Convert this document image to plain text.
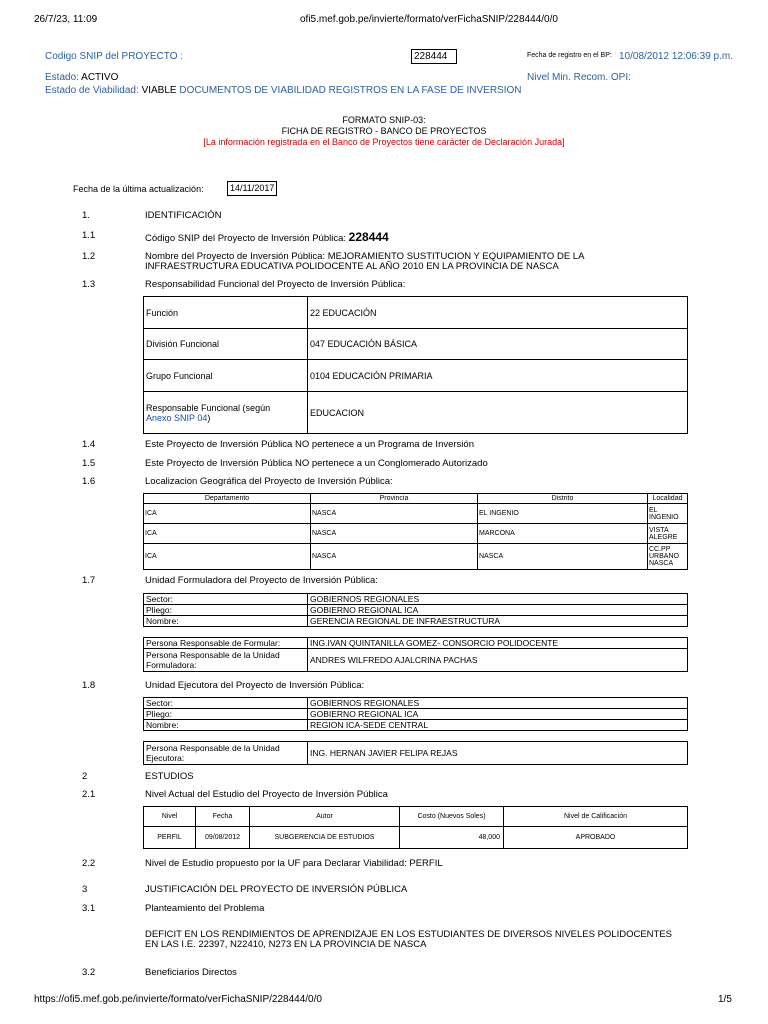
26/7/23, 11:09	ofi5.mef.gob.pe/invierte/formato/verFichaSNIP/228444/0/0
Codigo SNIP del PROYECTO :	228444	Fecha de registro en el BP: 10/08/2012 12:06:39 p.m.
Estado: ACTIVO	Nivel Min. Recom. OPI:
Estado de Viabilidad: VIABLE DOCUMENTOS DE VIABILIDAD REGISTROS EN LA FASE DE INVERSION
FORMATO SNIP-03:
FICHA DE REGISTRO - BANCO DE PROYECTOS
[La información registrada en el Banco de Proyectos tiene carácter de Declaración Jurada]
Fecha de la última actualización:	14/11/2017
1.	IDENTIFICACIÓN
1.1	Código SNIP del Proyecto de Inversión Pública: 228444
1.2	Nombre del Proyecto de Inversión Pública: MEJORAMIENTO SUSTITUCION Y EQUIPAMIENTO DE LA
INFRAESTRUCTURA EDUCATIVA POLIDOCENTE AL AÑO 2010 EN LA PROVINCIA DE NASCA
1.3	Responsabilidad Funcional del Proyecto de Inversión Pública:
Función	22 EDUCACIÓN
División Funcional	047 EDUCACIÓN BÁSICA
Grupo Funcional	0104 EDUCACIÓN PRIMARIA
Responsable Funcional (según
Anexo SNIP 04)	EDUCACION
1.4	Este Proyecto de Inversión Pública NO pertenece a un Programa de Inversión
1.5	Este Proyecto de Inversión Pública NO pertenece a un Conglomerado Autorizado
1.6	Localizacion Geográfica del Proyecto de Inversión Pública:
Departamento	Provincia	Distrito	Localidad
ICA	NASCA	EL INGENIO	EL INGENIO
ICA	NASCA	MARCONA	VISTA ALEGRE
ICA	NASCA	NASCA	CC.PP URBANO NASCA
1.7	Unidad Formuladora del Proyecto de Inversión Pública:
Sector:	GOBIERNOS REGIONALES
Pliego:	GOBIERNO REGIONAL ICA
Nombre:	GERENCIA REGIONAL DE INFRAESTRUCTURA
Persona Responsable de Formular:	ING.IVAN QUINTANILLA GOMEZ- CONSORCIO POLIDOCENTE
Persona Responsable de la Unidad Formuladora:	ANDRES WILFREDO AJALCRINA PACHAS
1.8	Unidad Ejecutora del Proyecto de Inversión Pública:
Sector:	GOBIERNOS REGIONALES
Pliego:	GOBIERNO REGIONAL ICA
Nombre:	REGION ICA-SEDE CENTRAL
Persona Responsable de la Unidad Ejecutora:	ING. HERNAN JAVIER FELIPA REJAS
2	ESTUDIOS
2.1	Nivel Actual del Estudio del Proyecto de Inversión Pública
Nivel	Fecha	Autor	Costo (Nuevos Soles)	Nivel de Calificación
PERFIL	09/08/2012	SUBGERENCIA DE ESTUDIOS	48,000	APROBADO
2.2	Nivel de Estudio propuesto por la UF para Declarar Viabilidad: PERFIL
3	JUSTIFICACIÓN DEL PROYECTO DE INVERSIÓN PÚBLICA
3.1	Planteamiento del Problema
DEFICIT EN LOS RENDIMIENTOS DE APRENDIZAJE EN LOS ESTUDIANTES DE DIVERSOS NIVELES POLIDOCENTES
EN LAS I.E. 22397, N22410, N273 EN LA PROVINCIA DE NASCA
3.2	Beneficiarios Directos
https://ofi5.mef.gob.pe/invierte/formato/verFichaSNIP/228444/0/0	1/5
